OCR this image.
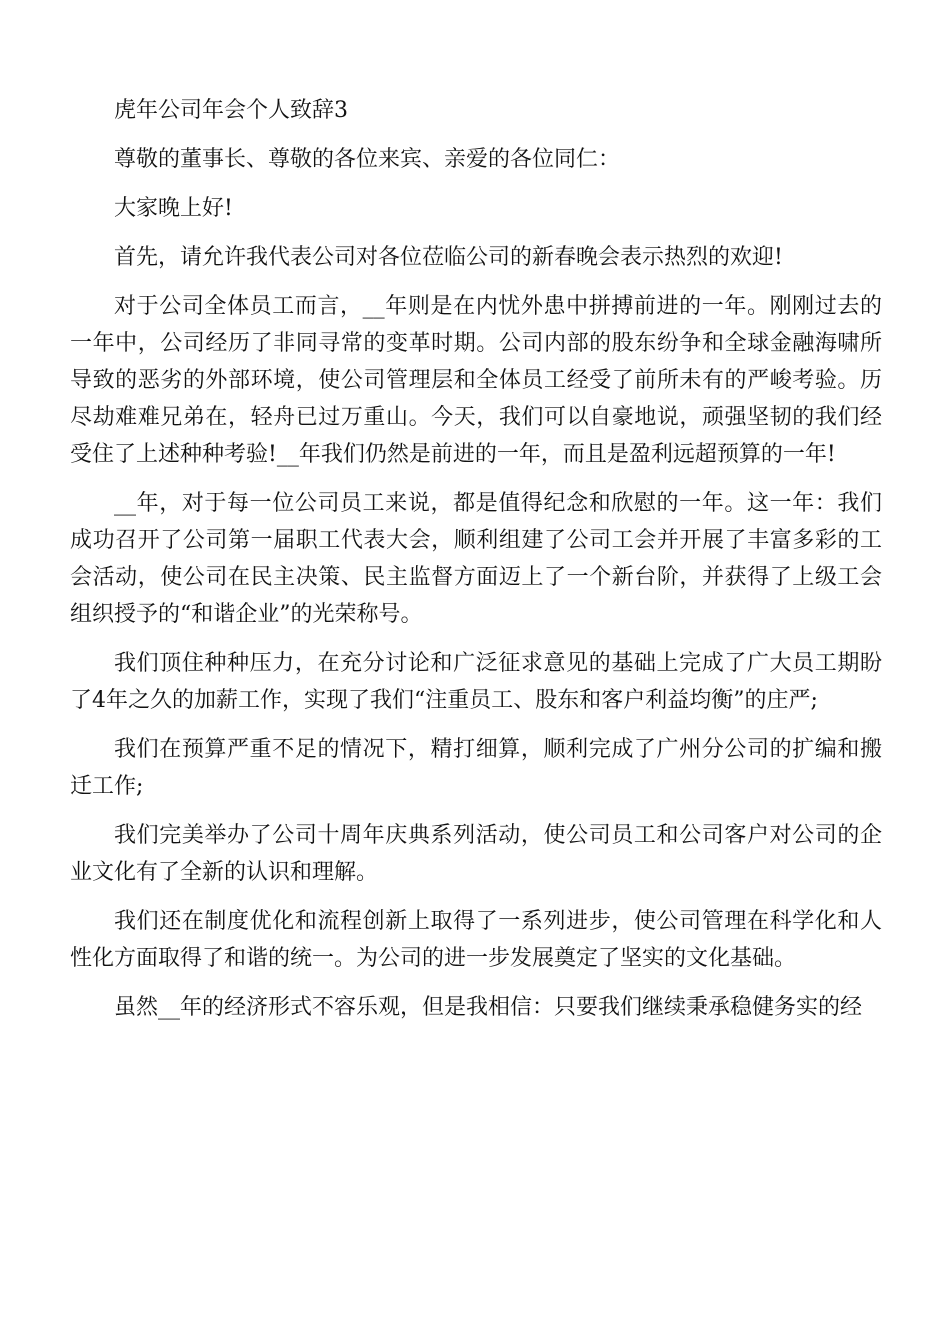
虎年公司年会个人致辞3
尊敬的董事长、尊敬的各位来宾、亲爱的各位同仁：
大家晚上好!
首先，请允许我代表公司对各位莅临公司的新春晚会表示热烈的欢迎!

对于公司全体员工而言，__年则是在内忧外患中拼搏前进的一年。刚刚过去的一年中，公司经历了非同寻常的变革时期。公司内部的股东纷争和全球金融海啸所导致的恶劣的外部环境，使公司管理层和全体员工经受了前所未有的严峻考验。历尽劫难难兄弟在，轻舟已过万重山。今天，我们可以自豪地说，顽强坚韧的我们经受住了上述种种考验!__年我们仍然是前进的一年，而且是盈利远超预算的一年!

__年，对于每一位公司员工来说，都是值得纪念和欣慰的一年。这一年：我们成功召开了公司第一届职工代表大会，顺利组建了公司工会并开展了丰富多彩的工会活动，使公司在民主决策、民主监督方面迈上了一个新台阶，并获得了上级工会组织授予的“和谐企业”的光荣称号。

我们顶住种种压力，在充分讨论和广泛征求意见的基础上完成了广大员工期盼了4年之久的加薪工作，实现了我们“注重员工、股东和客户利益均衡”的庄严;

我们在预算严重不足的情况下，精打细算，顺利完成了广州分公司的扩编和搬迁工作;

我们完美举办了公司十周年庆典系列活动，使公司员工和公司客户对公司的企业文化有了全新的认识和理解。

我们还在制度优化和流程创新上取得了一系列进步，使公司管理在科学化和人性化方面取得了和谐的统一。为公司的进一步发展奠定了坚实的文化基础。

虽然__年的经济形式不容乐观，但是我相信：只要我们继续秉承稳健务实的经
